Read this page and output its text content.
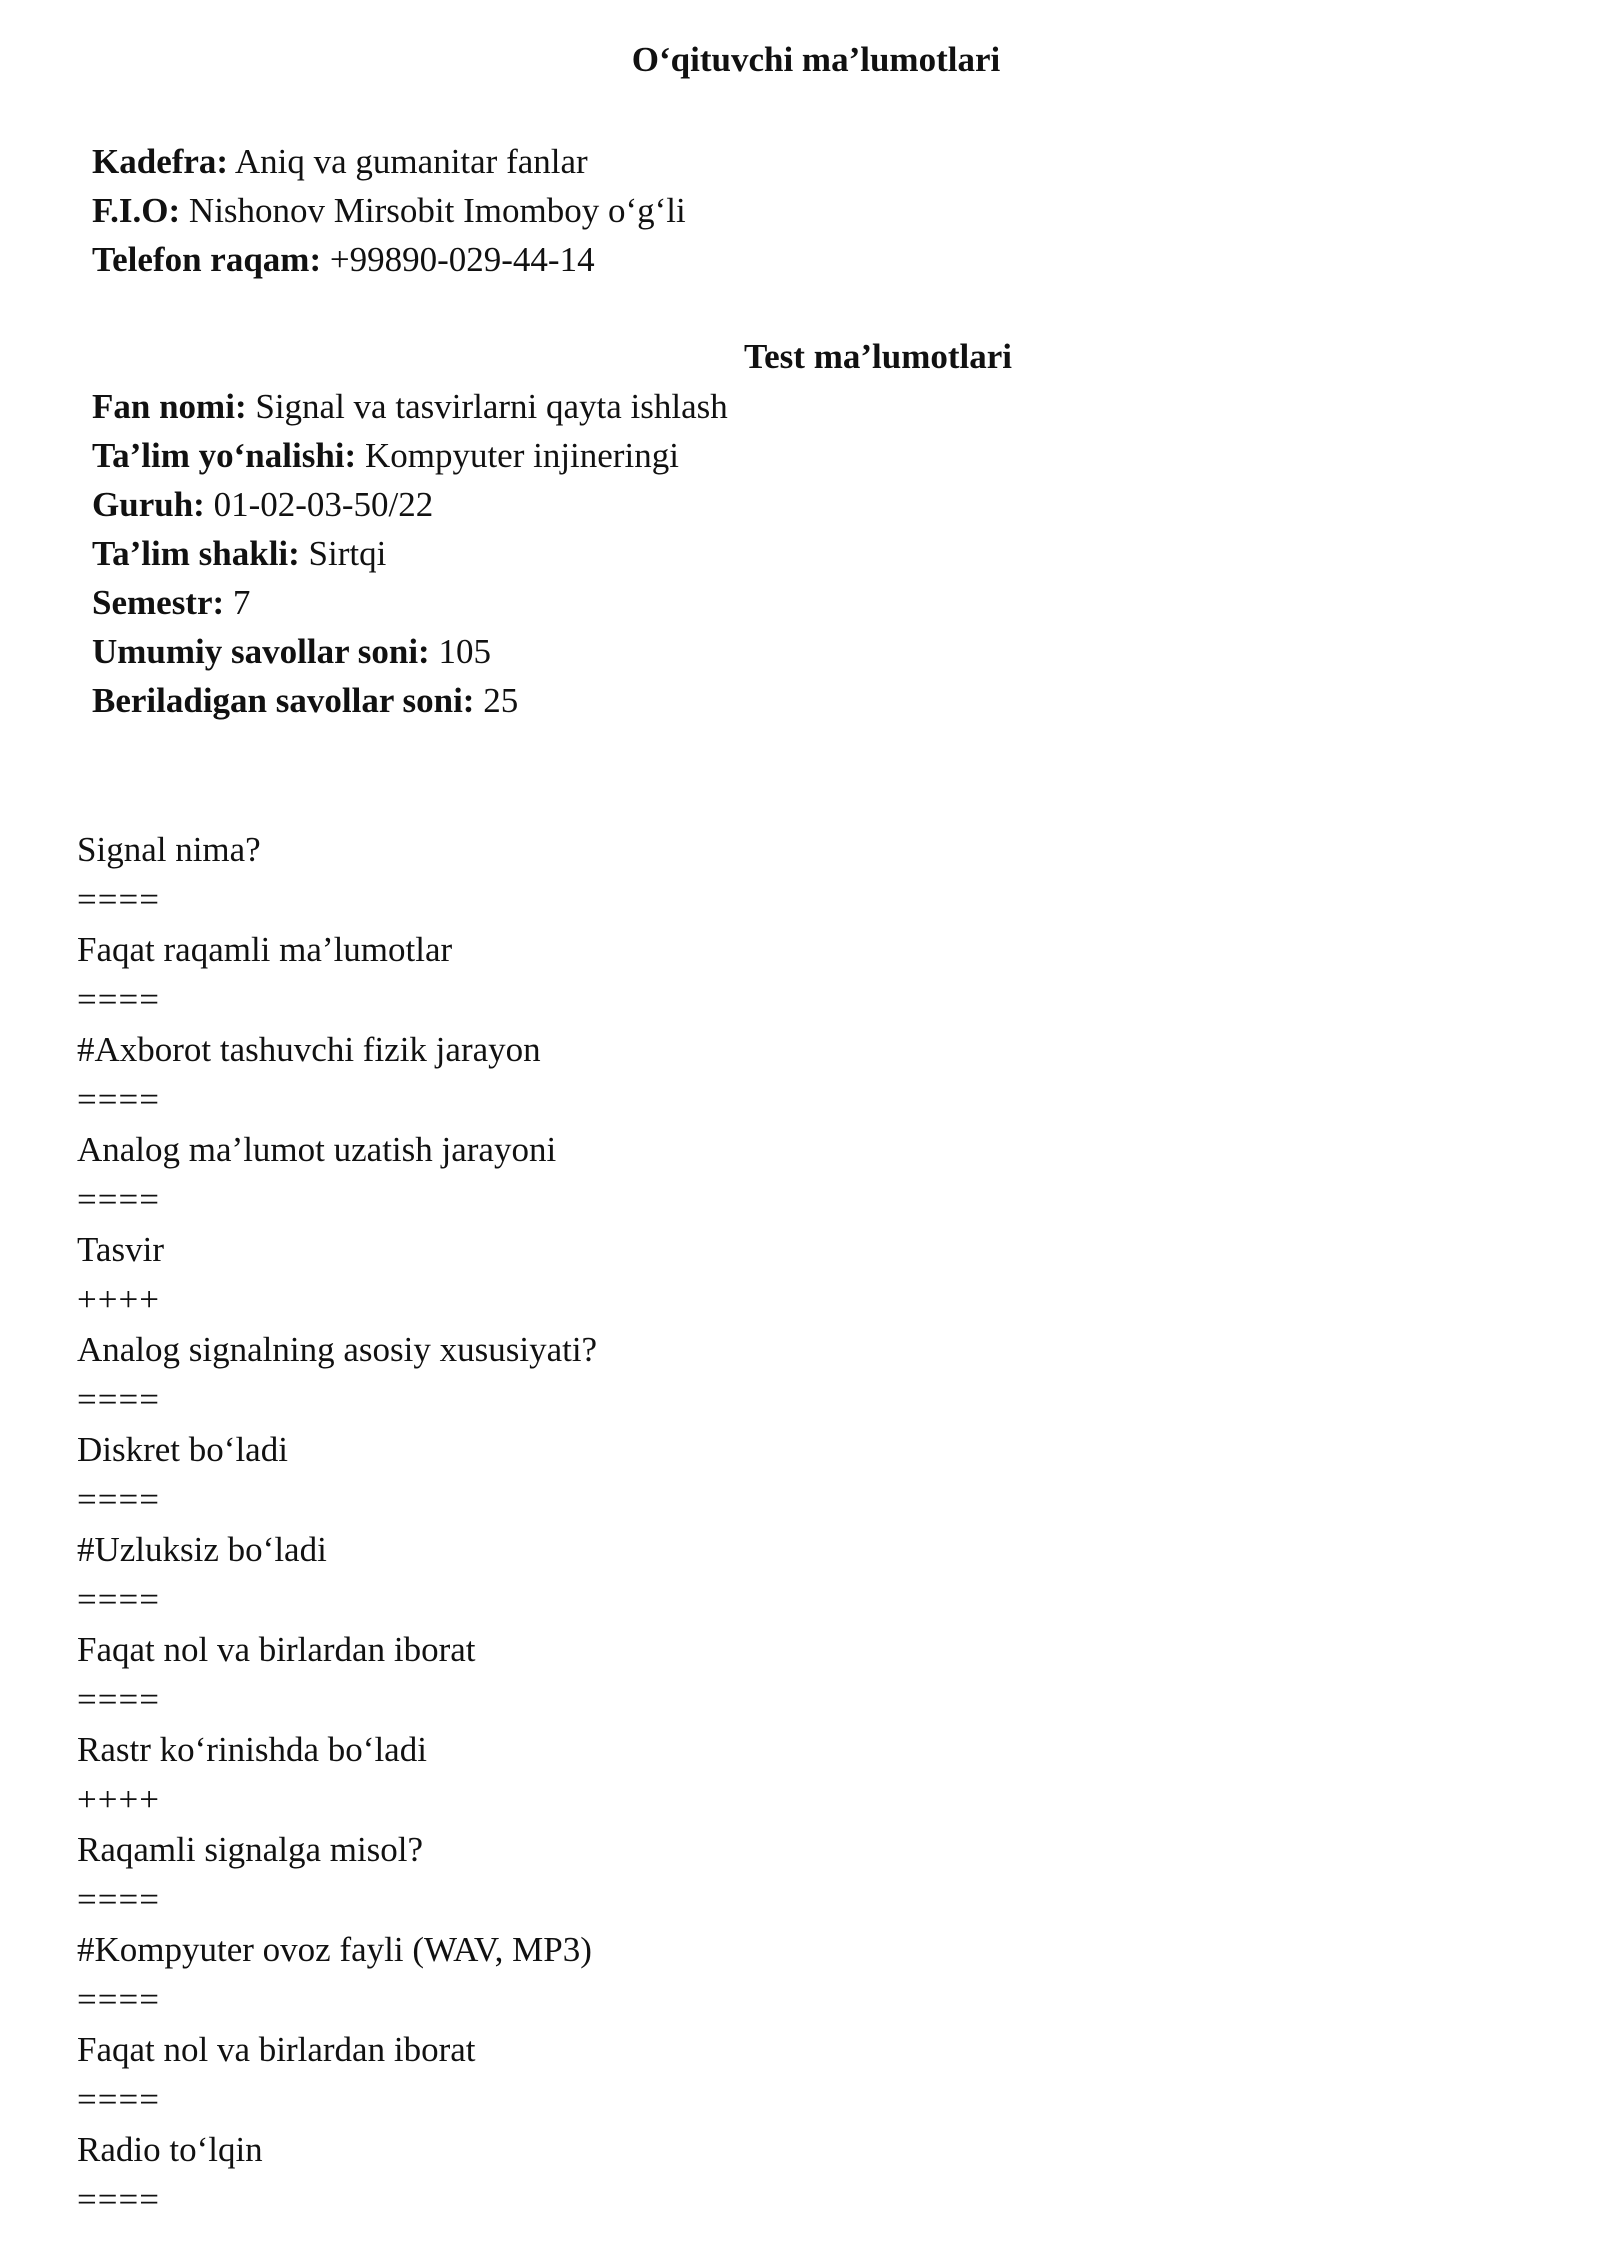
O‘qituvchi ma’lumotlari
Kadefra: Aniq va gumanitar fanlar
F.I.O: Nishonov Mirsobit Imomboy o‘g‘li
Telefon raqam: +99890-029-44-14
Test ma’lumotlari
Fan nomi: Signal va tasvirlarni qayta ishlash
Ta’lim yo‘nalishi: Kompyuter injineringi
Guruh: 01-02-03-50/22
Ta’lim shakli: Sirtqi
Semestr: 7
Umumiy savollar soni: 105
Beriladigan savollar soni: 25
Signal nima?
====
Faqat raqamli ma’lumotlar
====
#Axborot tashuvchi fizik jarayon
====
Analog ma’lumot uzatish jarayoni
====
Tasvir
++++
Analog signalning asosiy xususiyati?
====
Diskret bo‘ladi
====
#Uzluksiz bo‘ladi
====
Faqat nol va birlardan iborat
====
Rastr ko‘rinishda bo‘ladi
++++
Raqamli signalga misol?
====
#Kompyuter ovoz fayli (WAV, MP3)
====
Faqat nol va birlardan iborat
====
Radio to‘lqin
====
